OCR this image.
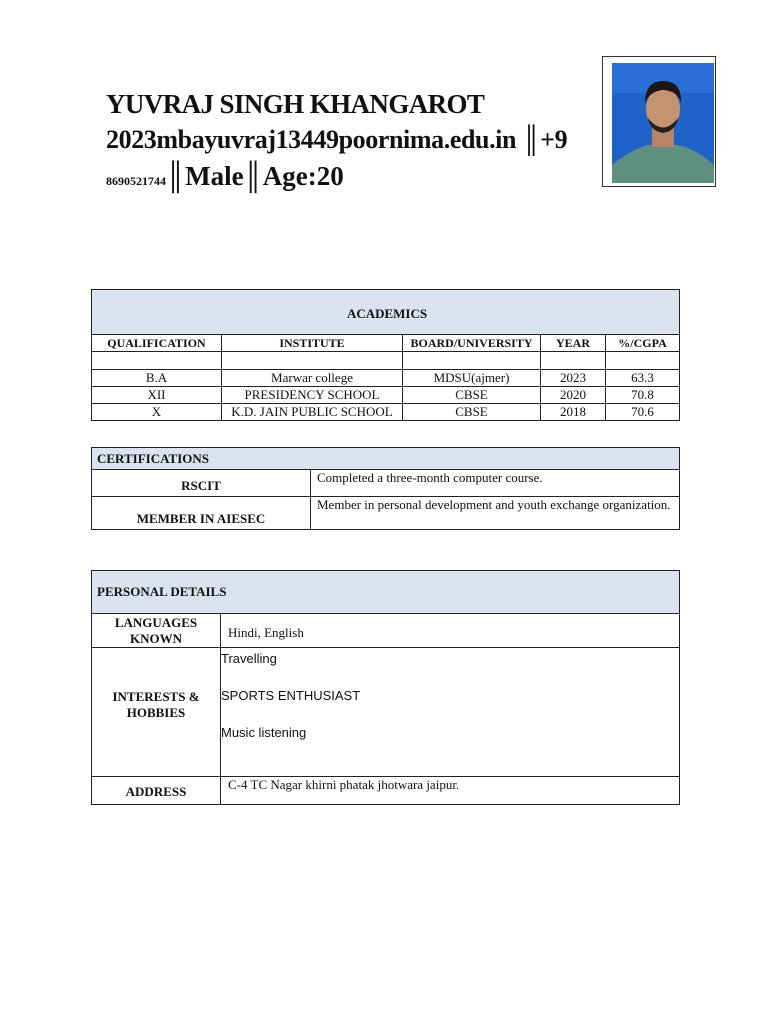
YUVRAJ SINGH KHANGAROT
2023mbayuvraj13449poornima.edu.in ║+9
8690521744║Male║Age:20
ACADEMICS				
QUALIFICATION	INSTITUTE	BOARD/UNIVERSITY	YEAR	%/CGPA

B.A	Marwar college	MDSU(ajmer)	2023	63.3
XII	PRESIDENCY SCHOOL	CBSE	2020	70.8
X	K.D. JAIN PUBLIC SCHOOL	CBSE	2018	70.6
CERTIFICATIONS	
RSCIT	Completed a three-month computer course.
MEMBER IN AIESEC	Member in personal development and youth exchange organization.
PERSONAL DETAILS	
LANGUAGES KNOWN	Hindi, English
INTERESTS & HOBBIES	Travelling
SPORTS ENTHUSIAST
Music listening

ADDRESS	C-4 TC Nagar khirni phatak jhotwara jaipur.
